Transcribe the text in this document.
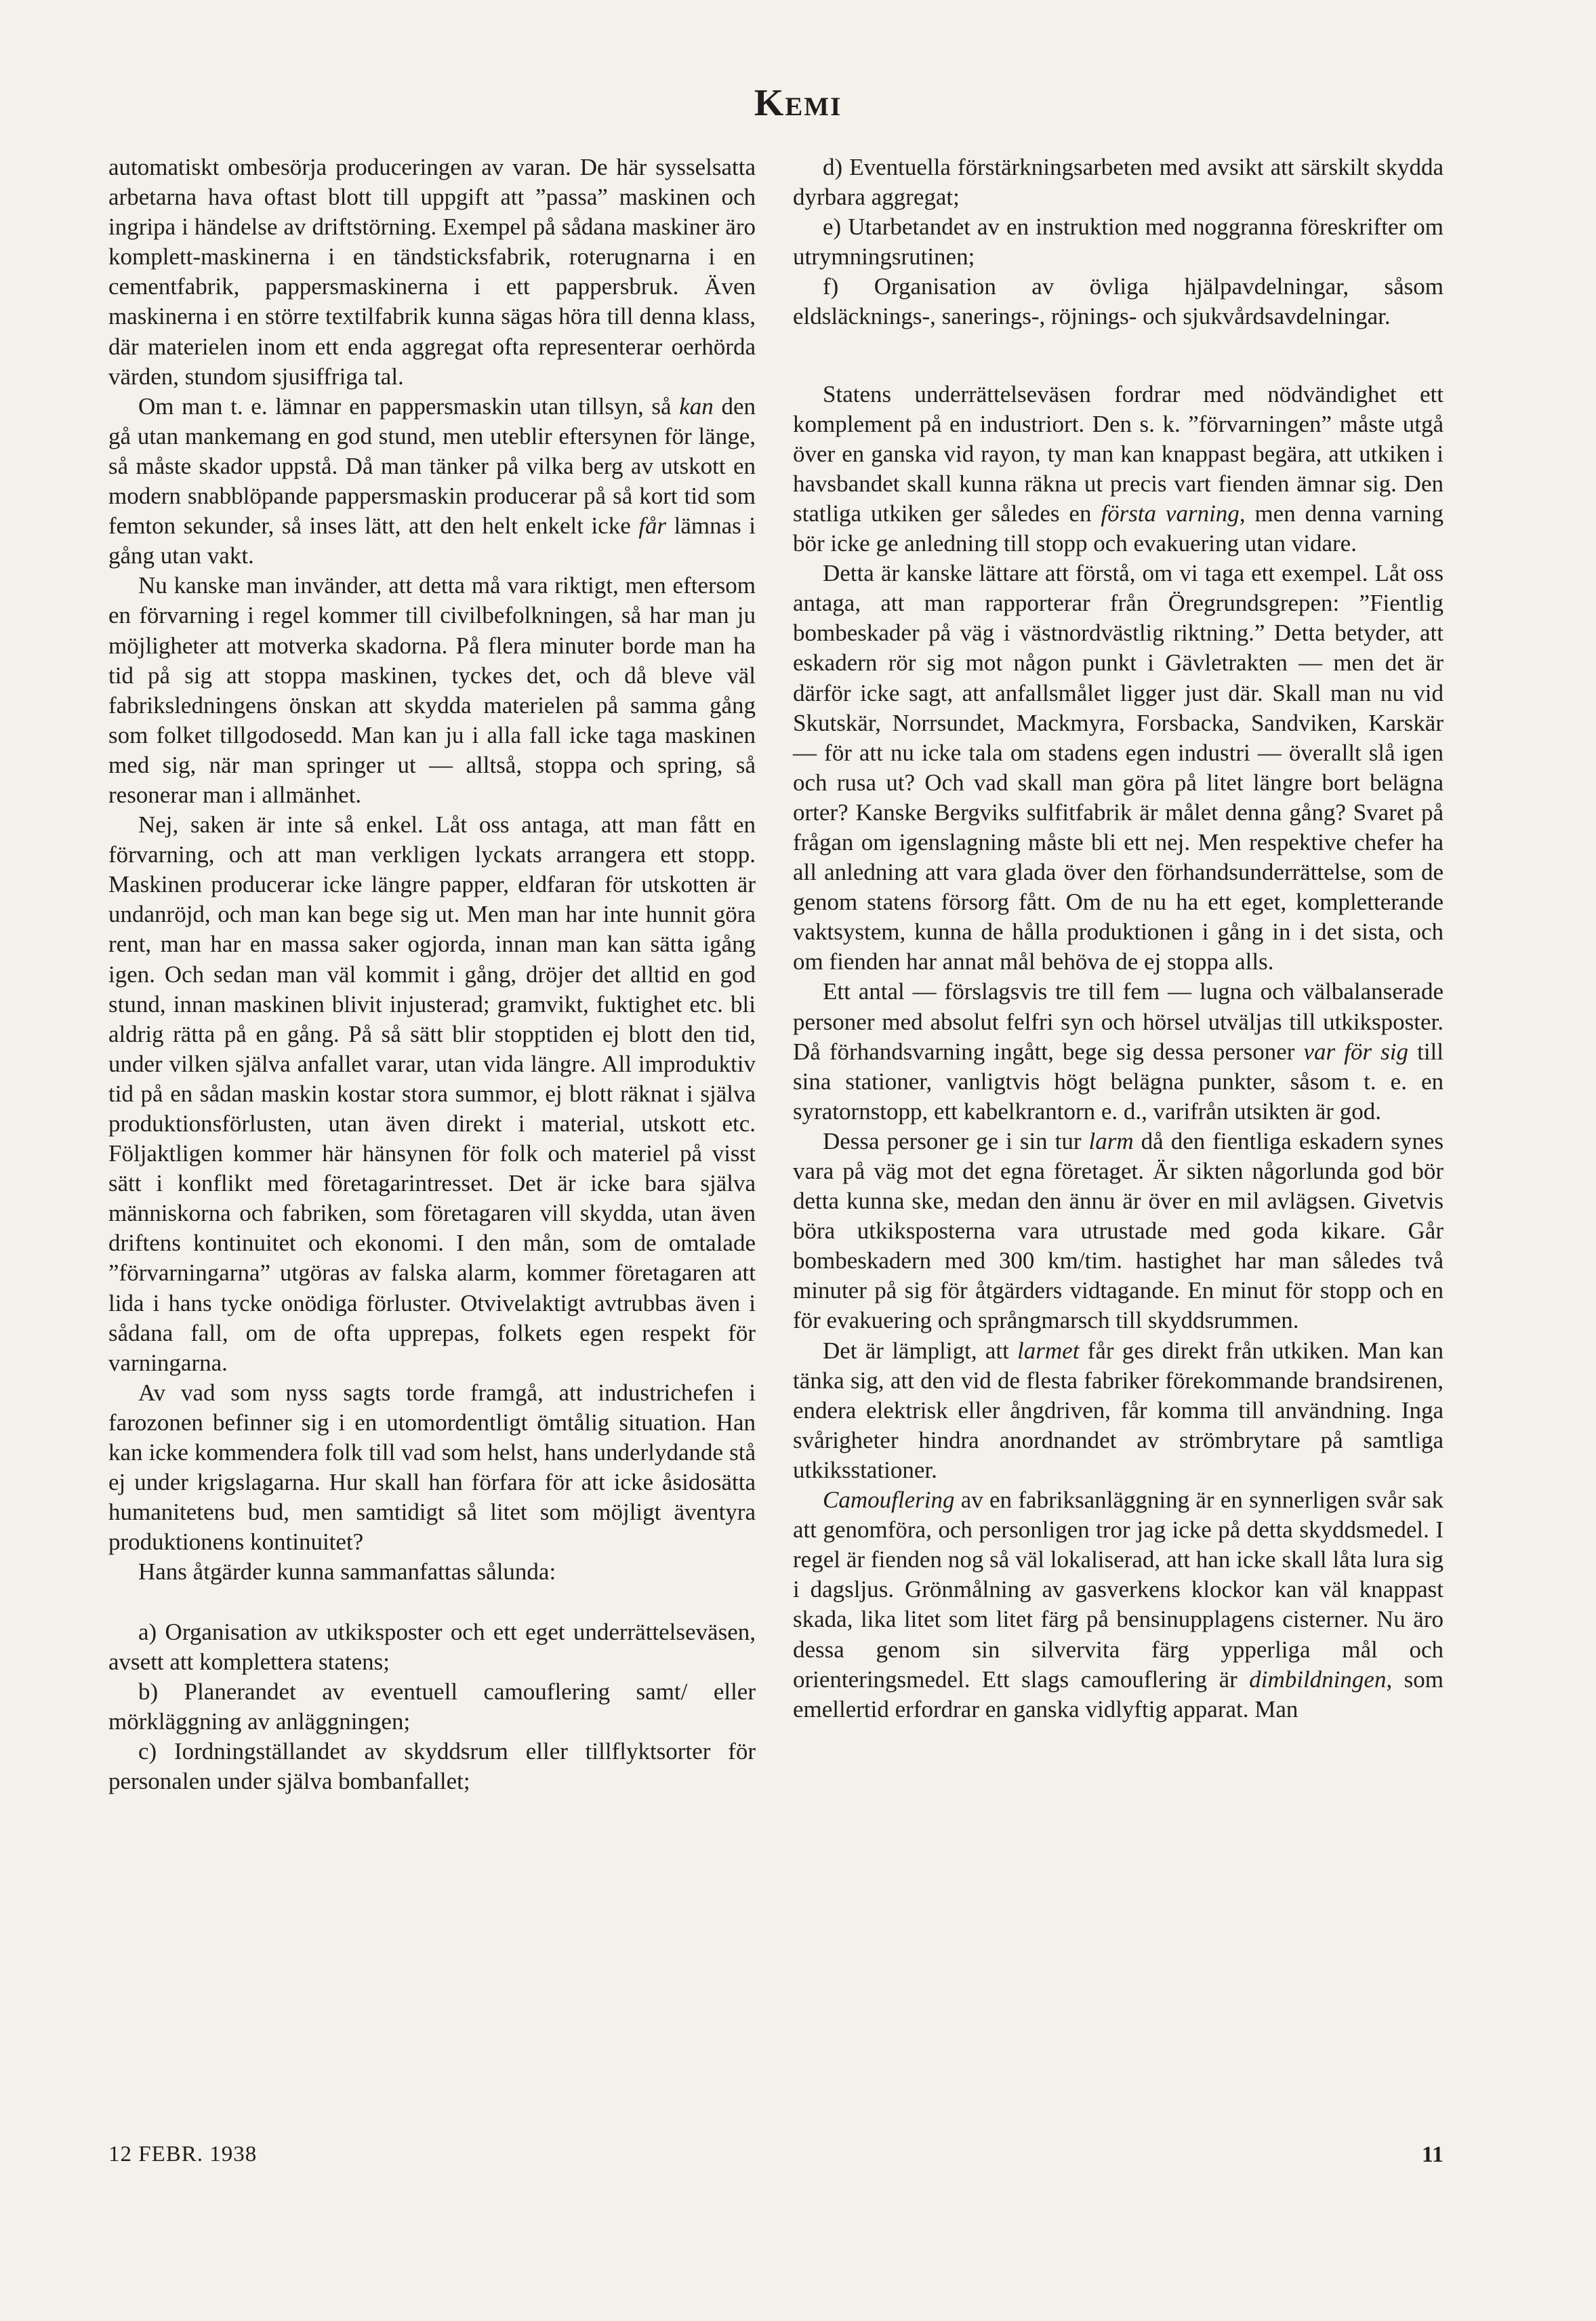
Kemi

automatiskt ombesörja produceringen av varan. De här sysselsatta arbetarna hava oftast blott till uppgift att ”passa” maskinen och ingripa i händelse av driftstörning. Exempel på sådana maskiner äro komplett-maskinerna i en tändsticksfabrik, roterugnarna i en cementfabrik, pappersmaskinerna i ett pappersbruk. Även maskinerna i en större textilfabrik kunna sägas höra till denna klass, där materielen inom ett enda aggregat ofta representerar oerhörda värden, stundom sjusiffriga tal.

Om man t. e. lämnar en pappersmaskin utan tillsyn, så kan den gå utan mankemang en god stund, men uteblir eftersynen för länge, så måste skador uppstå. Då man tänker på vilka berg av utskott en modern snabblöpande pappersmaskin producerar på så kort tid som femton sekunder, så inses lätt, att den helt enkelt icke får lämnas i gång utan vakt.

Nu kanske man invänder, att detta må vara riktigt, men eftersom en förvarning i regel kommer till civilbefolkningen, så har man ju möjligheter att motverka skadorna. På flera minuter borde man ha tid på sig att stoppa maskinen, tyckes det, och då bleve väl fabriksledningens önskan att skydda materielen på samma gång som folket tillgodosedd. Man kan ju i alla fall icke taga maskinen med sig, när man springer ut — alltså, stoppa och spring, så resonerar man i allmänhet.

Nej, saken är inte så enkel. Låt oss antaga, att man fått en förvarning, och att man verkligen lyckats arrangera ett stopp. Maskinen producerar icke längre papper, eldfaran för utskotten är undanröjd, och man kan bege sig ut. Men man har inte hunnit göra rent, man har en massa saker ogjorda, innan man kan sätta igång igen. Och sedan man väl kommit i gång, dröjer det alltid en god stund, innan maskinen blivit injusterad; gramvikt, fuktighet etc. bli aldrig rätta på en gång. På så sätt blir stopptiden ej blott den tid, under vilken själva anfallet varar, utan vida längre. All improduktiv tid på en sådan maskin kostar stora summor, ej blott räknat i själva produktionsförlusten, utan även direkt i material, utskott etc. Följaktligen kommer här hänsynen för folk och materiel på visst sätt i konflikt med företagarintresset. Det är icke bara själva människorna och fabriken, som företagaren vill skydda, utan även driftens kontinuitet och ekonomi. I den mån, som de omtalade ”förvarningarna” utgöras av falska alarm, kommer företagaren att lida i hans tycke onödiga förluster. Otvivelaktigt avtrubbas även i sådana fall, om de ofta upprepas, folkets egen respekt för varningarna.

Av vad som nyss sagts torde framgå, att industrichefen i farozonen befinner sig i en utomordentligt ömtålig situation. Han kan icke kommendera folk till vad som helst, hans underlydande stå ej under krigslagarna. Hur skall han förfara för att icke åsidosätta humanitetens bud, men samtidigt så litet som möjligt äventyra produktionens kontinuitet?

Hans åtgärder kunna sammanfattas sålunda:

a) Organisation av utkiksposter och ett eget underrättelseväsen, avsett att komplettera statens;

b) Planerandet av eventuell camouflering samt/ eller mörkläggning av anläggningen;

c) Iordningställandet av skyddsrum eller tillflyktsorter för personalen under själva bombanfallet;

d) Eventuella förstärkningsarbeten med avsikt att särskilt skydda dyrbara aggregat;

e) Utarbetandet av en instruktion med noggranna föreskrifter om utrymningsrutinen;

f) Organisation av övliga hjälpavdelningar, såsom eldsläcknings-, sanerings-, röjnings- och sjukvårdsavdelningar.

Statens underrättelseväsen fordrar med nödvändighet ett komplement på en industriort. Den s. k. ”förvarningen” måste utgå över en ganska vid rayon, ty man kan knappast begära, att utkiken i havsbandet skall kunna räkna ut precis vart fienden ämnar sig. Den statliga utkiken ger således en första varning, men denna varning bör icke ge anledning till stopp och evakuering utan vidare.

Detta är kanske lättare att förstå, om vi taga ett exempel. Låt oss antaga, att man rapporterar från Öregrundsgrepen: ”Fientlig bombeskader på väg i västnordvästlig riktning.” Detta betyder, att eskadern rör sig mot någon punkt i Gävletrakten — men det är därför icke sagt, att anfallsmålet ligger just där. Skall man nu vid Skutskär, Norrsundet, Mackmyra, Forsbacka, Sandviken, Karskär — för att nu icke tala om stadens egen industri — överallt slå igen och rusa ut? Och vad skall man göra på litet längre bort belägna orter? Kanske Bergviks sulfitfabrik är målet denna gång? Svaret på frågan om igenslagning måste bli ett nej. Men respektive chefer ha all anledning att vara glada över den förhandsunderrättelse, som de genom statens försorg fått. Om de nu ha ett eget, kompletterande vaktsystem, kunna de hålla produktionen i gång in i det sista, och om fienden har annat mål behöva de ej stoppa alls.

Ett antal — förslagsvis tre till fem — lugna och välbalanserade personer med absolut felfri syn och hörsel utväljas till utkiksposter. Då förhandsvarning ingått, bege sig dessa personer var för sig till sina stationer, vanligtvis högt belägna punkter, såsom t. e. en syratornstopp, ett kabelkrantorn e. d., varifrån utsikten är god.

Dessa personer ge i sin tur larm då den fientliga eskadern synes vara på väg mot det egna företaget. Är sikten någorlunda god bör detta kunna ske, medan den ännu är över en mil avlägsen. Givetvis böra utkiksposterna vara utrustade med goda kikare. Går bombeskadern med 300 km/tim. hastighet har man således två minuter på sig för åtgärders vidtagande. En minut för stopp och en för evakuering och språngmarsch till skyddsrummen.

Det är lämpligt, att larmet får ges direkt från utkiken. Man kan tänka sig, att den vid de flesta fabriker förekommande brandsirenen, endera elektrisk eller ångdriven, får komma till användning. Inga svårigheter hindra anordnandet av strömbrytare på samtliga utkiksstationer.

Camouflering av en fabriksanläggning är en synnerligen svår sak att genomföra, och personligen tror jag icke på detta skyddsmedel. I regel är fienden nog så väl lokaliserad, att han icke skall låta lura sig i dagsljus. Grönmålning av gasverkens klockor kan väl knappast skada, lika litet som litet färg på bensinupplagens cisterner. Nu äro dessa genom sin silvervita färg ypperliga mål och orienteringsmedel. Ett slags camouflering är dimbildningen, som emellertid erfordrar en ganska vidlyftig apparat. Man

12 FEBR. 1938	11
